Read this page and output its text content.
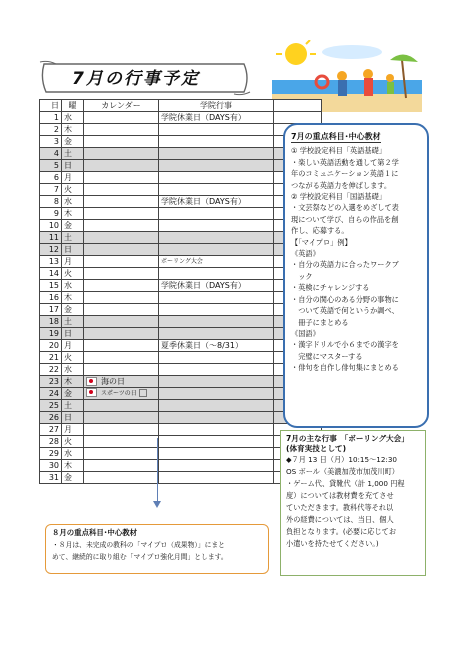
7月の行事予定
日	曜	カレンダー	学院行事	
1	水		学院休業日（DAYS有）	
2	木			
3	金			
4	土			
5	日			
6	月			
7	火			
8	水		学院休業日（DAYS有）	
9	木			
10	金			
11	土			
12	日			
13	月		ボーリング大会	
14	火			
15	水		学院休業日（DAYS有）	
16	木			
17	金			
18	土			
19	日			
20	月		夏季休業日（～8/31）	
21	火			
22	水			
23	木	海の日		
24	金	スポーツの日		
25	土			
26	日			
27	月			
28	火			
29	水			
30	木			
31	金			
7月の重点科目･中心教材
① 学校設定科目「英語基礎」
・楽しい英語活動を通して第２学
年のコミュニケーション英語１に
つながる英語力を伸ばします。
② 学校設定科目「国語基礎」
・文芸祭などの入選をめざして表
現について学び、自らの作品を創
作し、応募する。
【「マイプロ」例】
《英語》
・自分の英語力に合ったワークブ
　ック
・英検にチャレンジする
・自分の関心のある分野の事物に
　ついて英語で何というか調べ、
　冊子にまとめる
《国語》
・漢字ドリルで小６までの漢字を
　完璧にマスターする
・俳句を自作し俳句集にまとめる
7月の主な行事　「ボーリング大会」
(体育実技として)
◆７月 13 日（月）10:15～12:30
OS ボール（美濃加茂市加茂川町）
・ゲーム代、貸靴代（計 1,000 円程
度）については教材費を充てさせ
ていただきます。教科代等それ以
外の経費については、当日、個人
負担となります。(必要に応じてお
小遣いを持たせてください。)
８月の重点科目･中心教材
・８月は、未完成の教科の「マイプロ（成果物）」にまと
めて、継続的に取り組む「マイプロ強化月間」とします。
